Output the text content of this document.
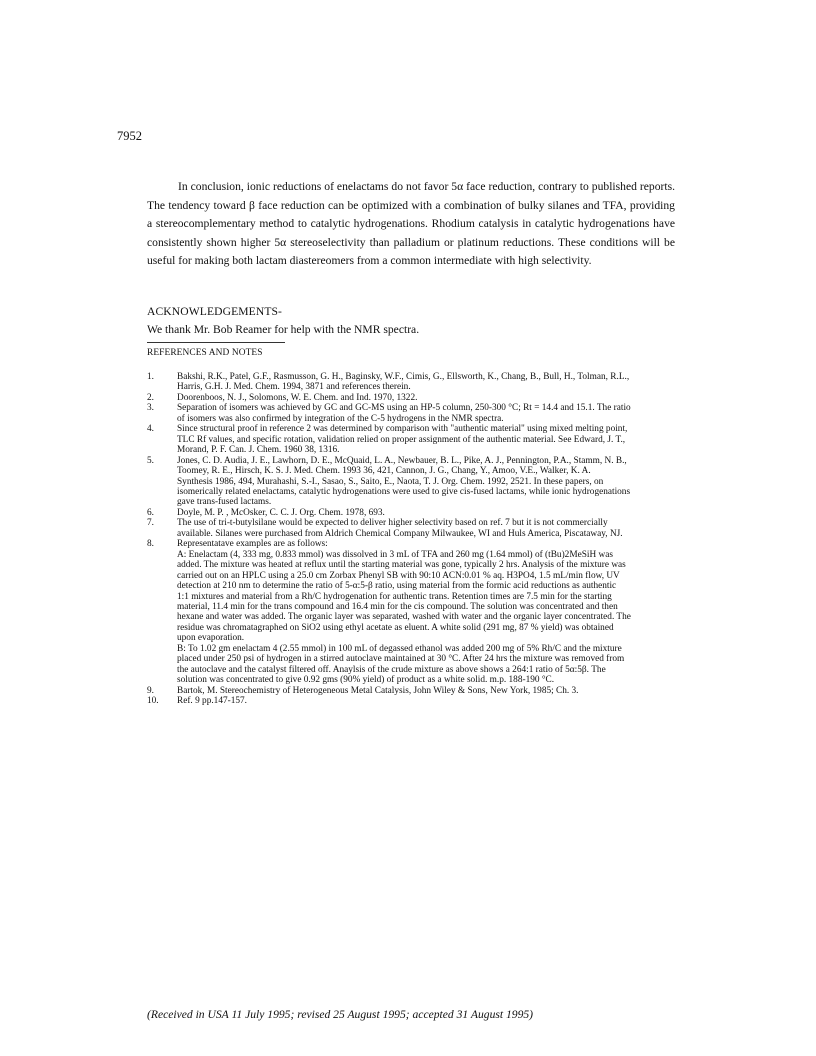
7952

In conclusion, ionic reductions of enelactams do not favor 5α face reduction, contrary to published reports. The tendency toward β face reduction can be optimized with a combination of bulky silanes and TFA, providing a stereocomplementary method to catalytic hydrogenations. Rhodium catalysis in catalytic hydrogenations have consistently shown higher 5α stereoselectivity than palladium or platinum reductions. These conditions will be useful for making both lactam diastereomers from a common intermediate with high selectivity.

ACKNOWLEDGEMENTS-
We thank Mr. Bob Reamer for help with the NMR spectra.
REFERENCES AND NOTES
1.	Bakshi, R.K., Patel, G.F., Rasmusson, G. H., Baginsky, W.F., Cimis, G., Ellsworth, K., Chang, B., Bull, H., Tolman, R.L.,

Harris, G.H. J. Med. Chem. 1994, 3871 and references therein.

2.	Doorenboos, N. J., Solomons, W. E. Chem. and Ind. 1970, 1322.

3.	Separation of isomers was achieved by GC and GC-MS using an HP-5 column, 250-300 °C; Rt = 14.4 and 15.1. The ratio

of isomers was also confirmed by integration of the C-5 hydrogens in the NMR spectra.

4.	Since structural proof in reference 2 was determined by comparison with "authentic material" using mixed melting point,

TLC Rf values, and specific rotation, validation relied on proper assignment of the authentic material. See Edward, J. T.,

Morand, P. F. Can. J. Chem. 1960 38, 1316.

5.	Jones, C. D. Audia, J. E., Lawhorn, D. E., McQuaid, L. A., Newbauer, B. L., Pike, A. J., Pennington, P.A., Stamm, N. B.,

Toomey, R. E., Hirsch, K. S. J. Med. Chem. 1993 36, 421, Cannon, J. G., Chang, Y., Amoo, V.E., Walker, K. A.

Synthesis 1986, 494, Murahashi, S.-I., Sasao, S., Saito, E., Naota, T. J. Org. Chem. 1992, 2521. In these papers, on

isomerically related enelactams, catalytic hydrogenations were used to give cis-fused lactams, while ionic hydrogenations

gave trans-fused lactams.

6.	Doyle, M. P. , McOsker, C. C. J. Org. Chem. 1978, 693.

7.	The use of tri-t-butylsilane would be expected to deliver higher selectivity based on ref. 7 but it is not commercially

available. Silanes were purchased from Aldrich Chemical Company Milwaukee, WI and Huls America, Piscataway, NJ.

8.	Representatave examples are as follows:

A: Enelactam (4, 333 mg, 0.833 mmol) was dissolved in 3 mL of TFA and 260 mg (1.64 mmol) of (tBu)2MeSiH was

added. The mixture was heated at reflux until the starting material was gone, typically 2 hrs. Analysis of the mixture was

carried out on an HPLC using a 25.0 cm Zorbax Phenyl SB with 90:10 ACN:0.01 % aq. H3PO4, 1.5 mL/min flow, UV

detection at 210 nm to determine the ratio of 5-α:5-β ratio, using material from the formic acid reductions as authentic

1:1 mixtures and material from a Rh/C hydrogenation for authentic trans. Retention times are 7.5 min for the starting

material, 11.4 min for the trans compound and 16.4 min for the cis compound. The solution was concentrated and then

hexane and water was added. The organic layer was separated, washed with water and the organic layer concentrated. The

residue was chromatagraphed on SiO2 using ethyl acetate as eluent. A white solid (291 mg, 87 % yield) was obtained

upon evaporation.

B: To 1.02 gm enelactam 4 (2.55 mmol) in 100 mL of degassed ethanol was added 200 mg of 5% Rh/C and the mixture

placed under 250 psi of hydrogen in a stirred autoclave maintained at 30 °C. After 24 hrs the mixture was removed from

the autoclave and the catalyst filtered off. Anaylsis of the crude mixture as above shows a 264:1 ratio of 5α:5β. The

solution was concentrated to give 0.92 gms (90% yield) of product as a white solid. m.p. 188-190 °C.

9.	Bartok, M. Stereochemistry of Heterogeneous Metal Catalysis, John Wiley & Sons, New York, 1985; Ch. 3.

10.	Ref. 9 pp.147-157.

(Received in USA 11 July 1995; revised 25 August 1995; accepted 31 August 1995)
